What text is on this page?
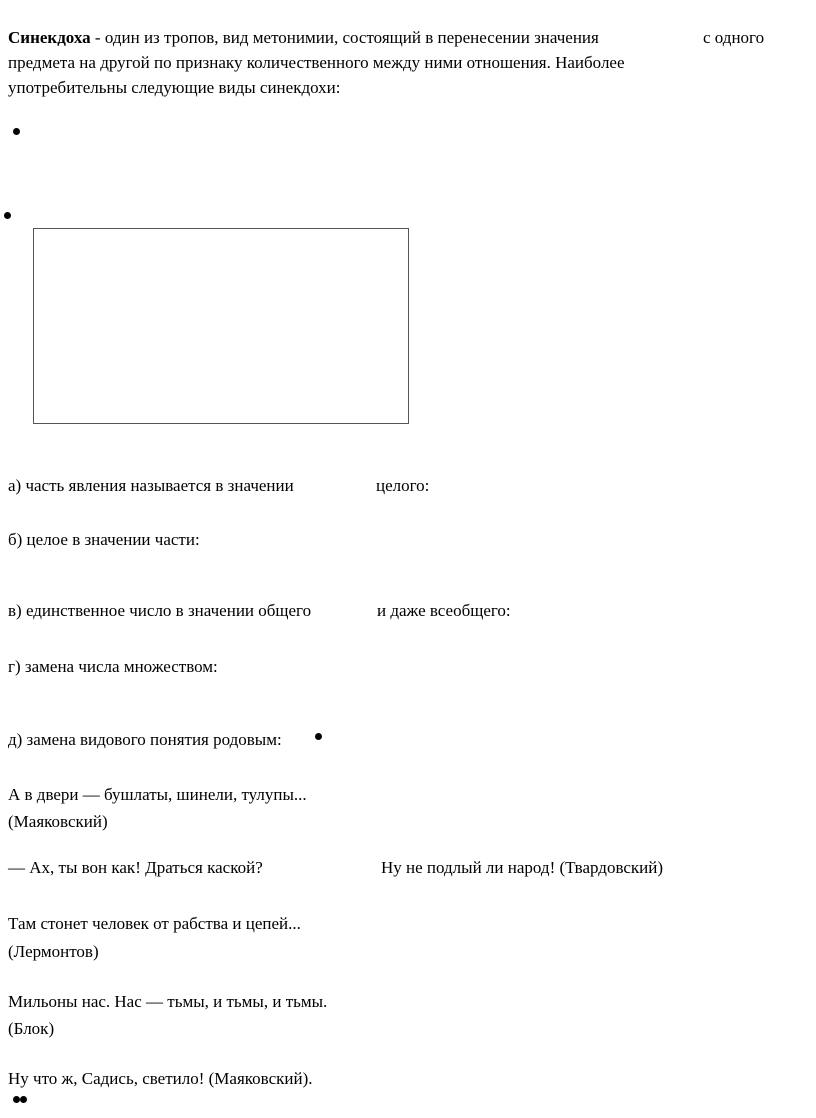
Синекдоха - один из тропов, вид метонимии, состоящий в перенесении значения	с одного
предмета на другой по признаку количественного между ними отношения. Наиболее
употребительны следующие виды синекдохи:
а) часть явления называется в значении	целого:
б) целое в значении части:
в) единственное число в значении общего	и даже всеобщего:
г) замена числа множеством:
д) замена видового понятия родовым:
А в двери — бушлаты, шинели, тулупы...
(Маяковский)
— Ах, ты вон как! Драться каской?	Ну не подлый ли народ! (Твардовский)
Там стонет человек от рабства и цепей...
(Лермонтов)
Мильоны нас. Нас — тьмы, и тьмы, и тьмы.
(Блок)
Ну что ж, Садись, светило! (Маяковский).
